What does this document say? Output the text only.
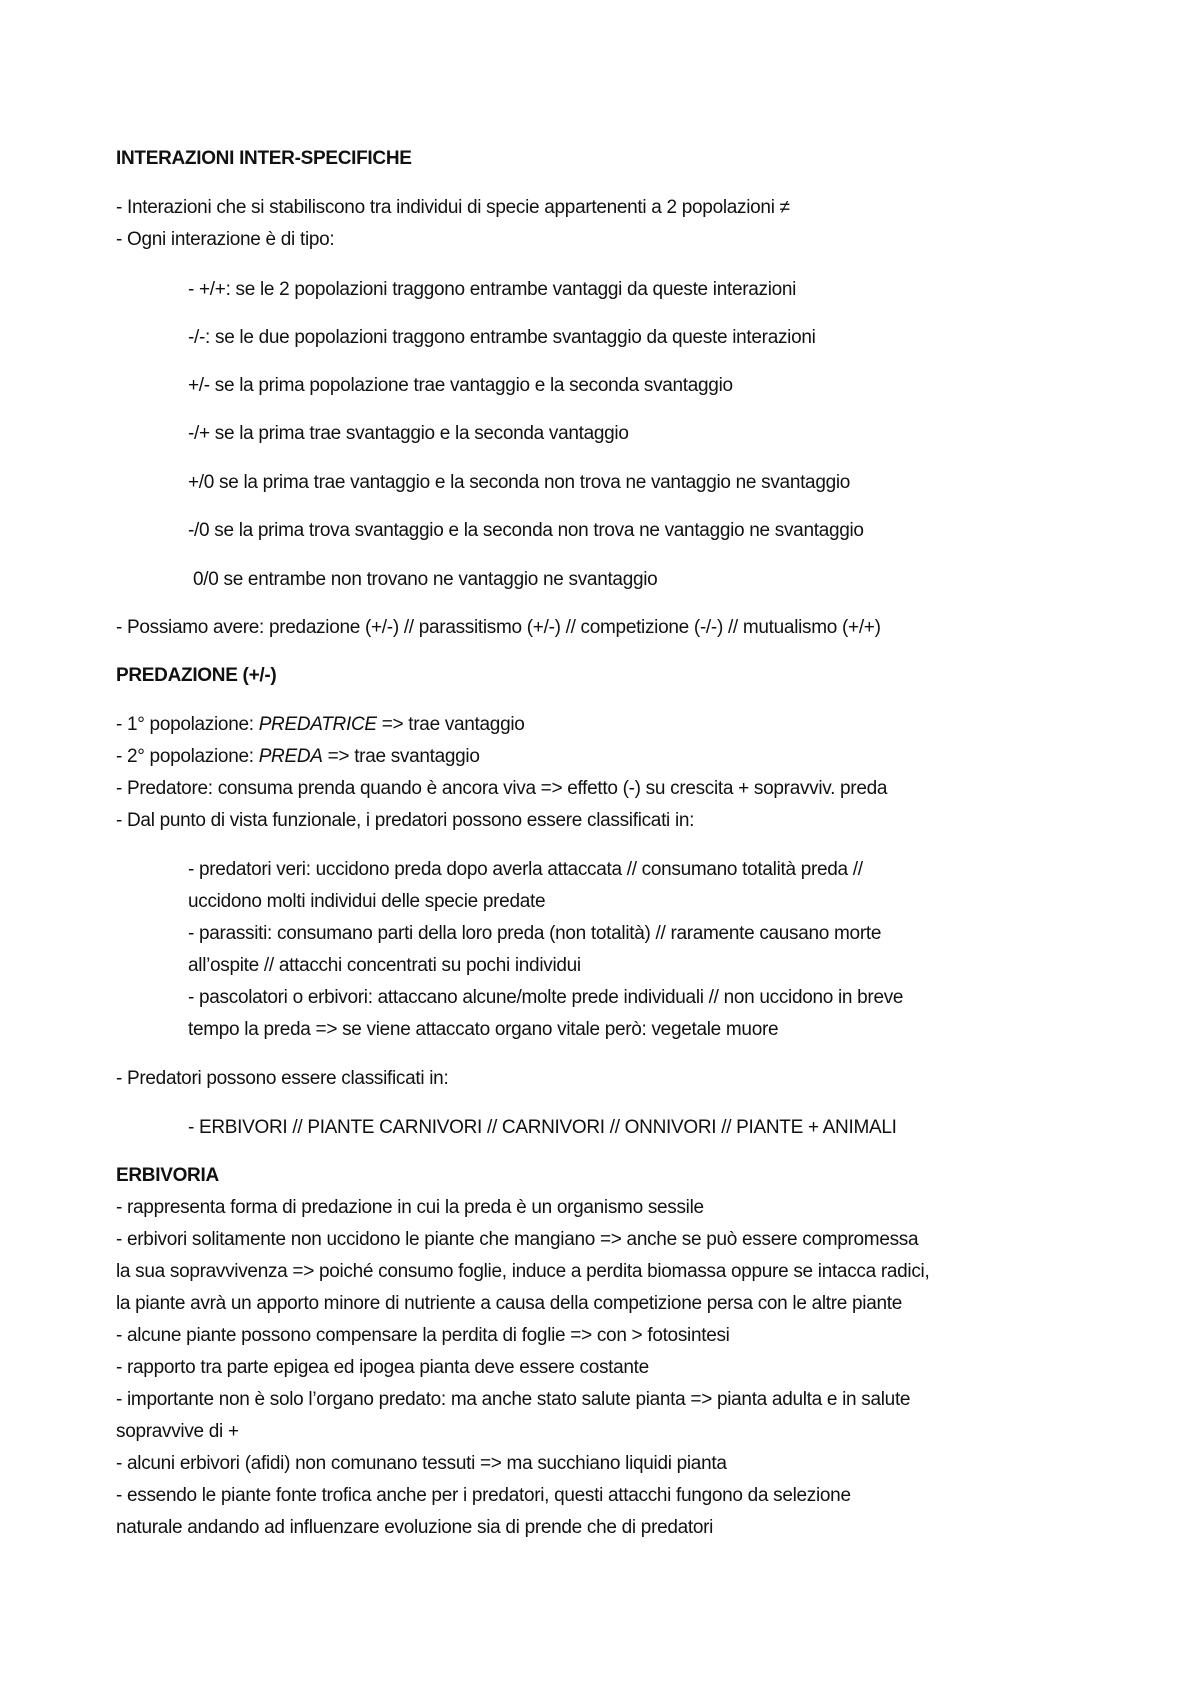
INTERAZIONI INTER-SPECIFICHE
- Interazioni che si stabiliscono tra individui di specie appartenenti a 2 popolazioni ≠
- Ogni interazione è di tipo:
- +/+: se le 2 popolazioni traggono entrambe vantaggi da queste interazioni
-/-: se le due popolazioni traggono entrambe svantaggio da queste interazioni
+/- se la prima popolazione trae vantaggio e la seconda svantaggio
-/+ se la prima trae svantaggio e la seconda vantaggio
+/0 se la prima trae vantaggio e la seconda non trova ne vantaggio ne svantaggio
-/0 se la prima trova svantaggio e la seconda non trova ne vantaggio ne svantaggio
0/0 se entrambe non trovano ne vantaggio ne svantaggio
- Possiamo avere: predazione (+/-) // parassitismo (+/-) // competizione (-/-) // mutualismo (+/+)
PREDAZIONE (+/-)
- 1° popolazione: PREDATRICE => trae vantaggio
- 2° popolazione: PREDA => trae svantaggio
- Predatore: consuma prenda quando è ancora viva => effetto (-) su crescita + sopravviv. preda
- Dal punto di vista funzionale, i predatori possono essere classificati in:
- predatori veri: uccidono preda dopo averla attaccata // consumano totalità preda //
uccidono molti individui delle specie predate
- parassiti: consumano parti della loro preda (non totalità) // raramente causano morte
all’ospite // attacchi concentrati su pochi individui
- pascolatori o erbivori: attaccano alcune/molte prede individuali // non uccidono in breve
tempo la preda => se viene attaccato organo vitale però: vegetale muore
- Predatori possono essere classificati in:
- ERBIVORI // PIANTE CARNIVORI // CARNIVORI // ONNIVORI // PIANTE + ANIMALI
ERBIVORIA
- rappresenta forma di predazione in cui la preda è un organismo sessile
- erbivori solitamente non uccidono le piante che mangiano => anche se può essere compromessa
la sua sopravvivenza => poiché consumo foglie, induce a perdita biomassa oppure se intacca radici,
la piante avrà un apporto minore di nutriente a causa della competizione persa con le altre piante
- alcune piante possono compensare la perdita di foglie => con > fotosintesi
- rapporto tra parte epigea ed ipogea pianta deve essere costante
- importante non è solo l’organo predato: ma anche stato salute pianta => pianta adulta e in salute
sopravvive di +
- alcuni erbivori (afidi) non comunano tessuti => ma succhiano liquidi pianta
- essendo le piante fonte trofica anche per i predatori, questi attacchi fungono da selezione
naturale andando ad influenzare evoluzione sia di prende che di predatori
